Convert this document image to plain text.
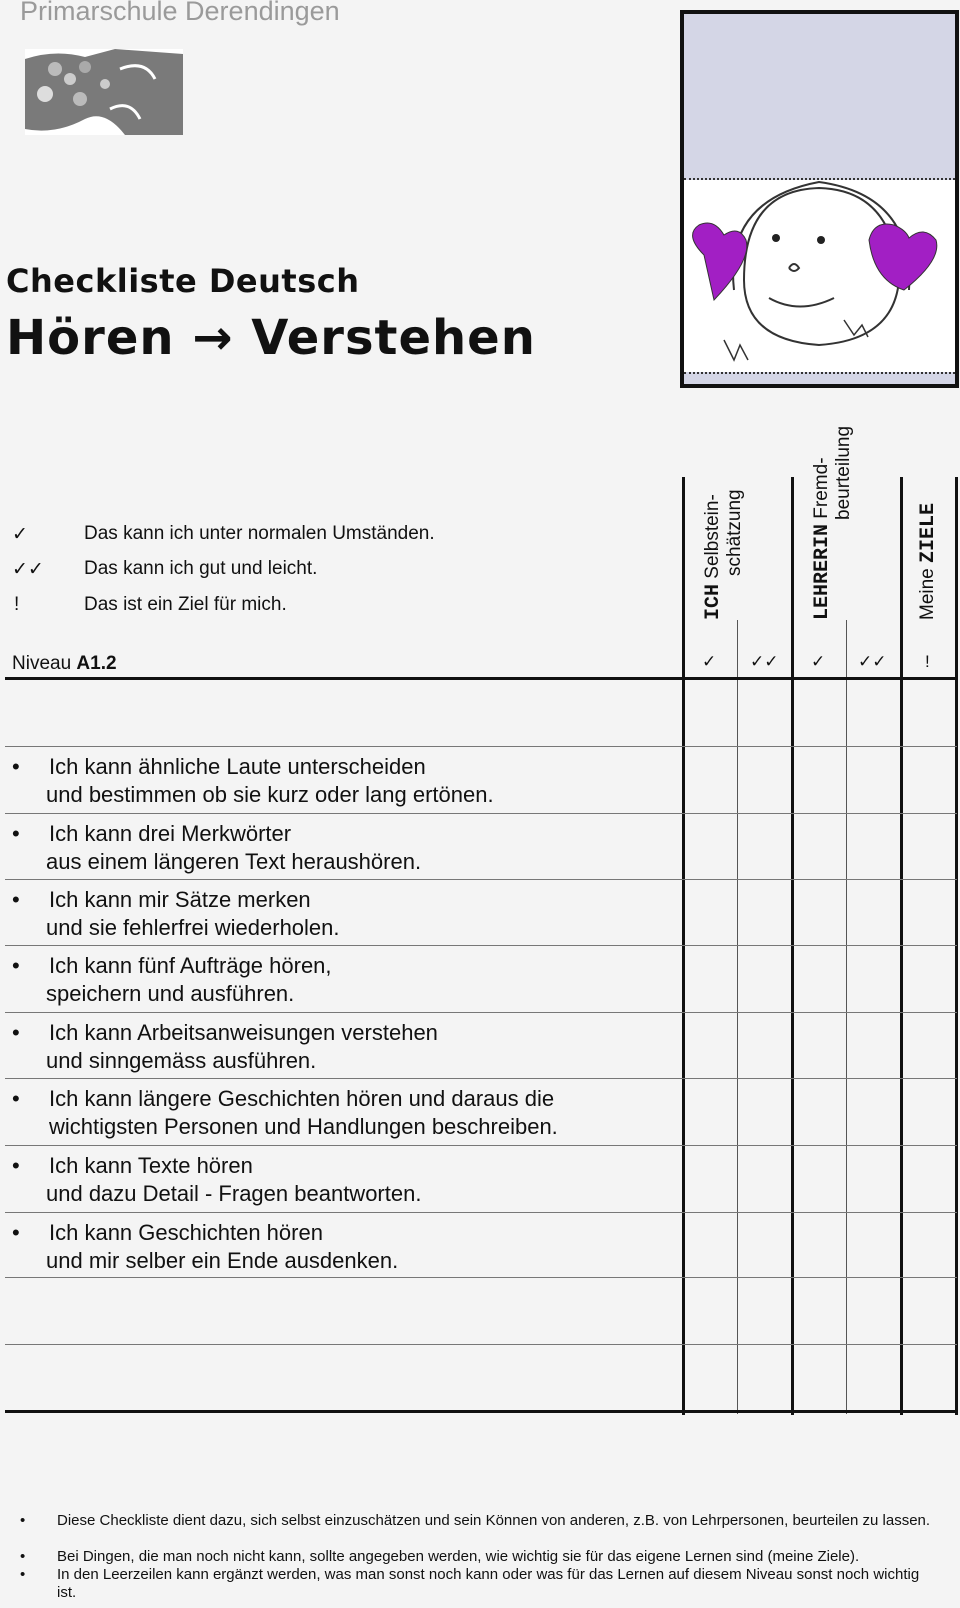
Primarschule Derendingen
Checkliste Deutsch
Hören → Verstehen
✓	Das kann ich unter normalen Umständen.
✓✓ Das kann ich gut und leicht.
!	Das ist ein Ziel für mich.
Niveau A1.2
ICH Selbstein- schätzung	LEHRERIN Fremd- beurteilung
Meine ZIELE
✓ ✓✓ ✓ ✓✓ !
• Ich kann ähnliche Laute unterscheiden
und bestimmen ob sie kurz oder lang ertönen.
• Ich kann drei Merkwörter
aus einem längeren Text heraushören.
• Ich kann mir Sätze merken
und sie fehlerfrei wiederholen.
• Ich kann fünf Aufträge hören,
speichern und ausführen.
• Ich kann Arbeitsanweisungen verstehen
und sinngemäss ausführen.
• Ich kann längere Geschichten hören und daraus die
wichtigsten Personen und Handlungen beschreiben.
• Ich kann Texte hören
und dazu Detail - Fragen beantworten.
• Ich kann Geschichten hören
und mir selber ein Ende ausdenken.
• Diese Checkliste dient dazu, sich selbst einzuschätzen und sein Können von anderen, z.B. von Lehrpersonen, beurteilen zu lassen.
• Bei Dingen, die man noch nicht kann, sollte angegeben werden, wie wichtig sie für das eigene Lernen sind (meine Ziele).
• In den Leerzeilen kann ergänzt werden, was man sonst noch kann oder was für das Lernen auf diesem Niveau sonst noch wichtig ist.
